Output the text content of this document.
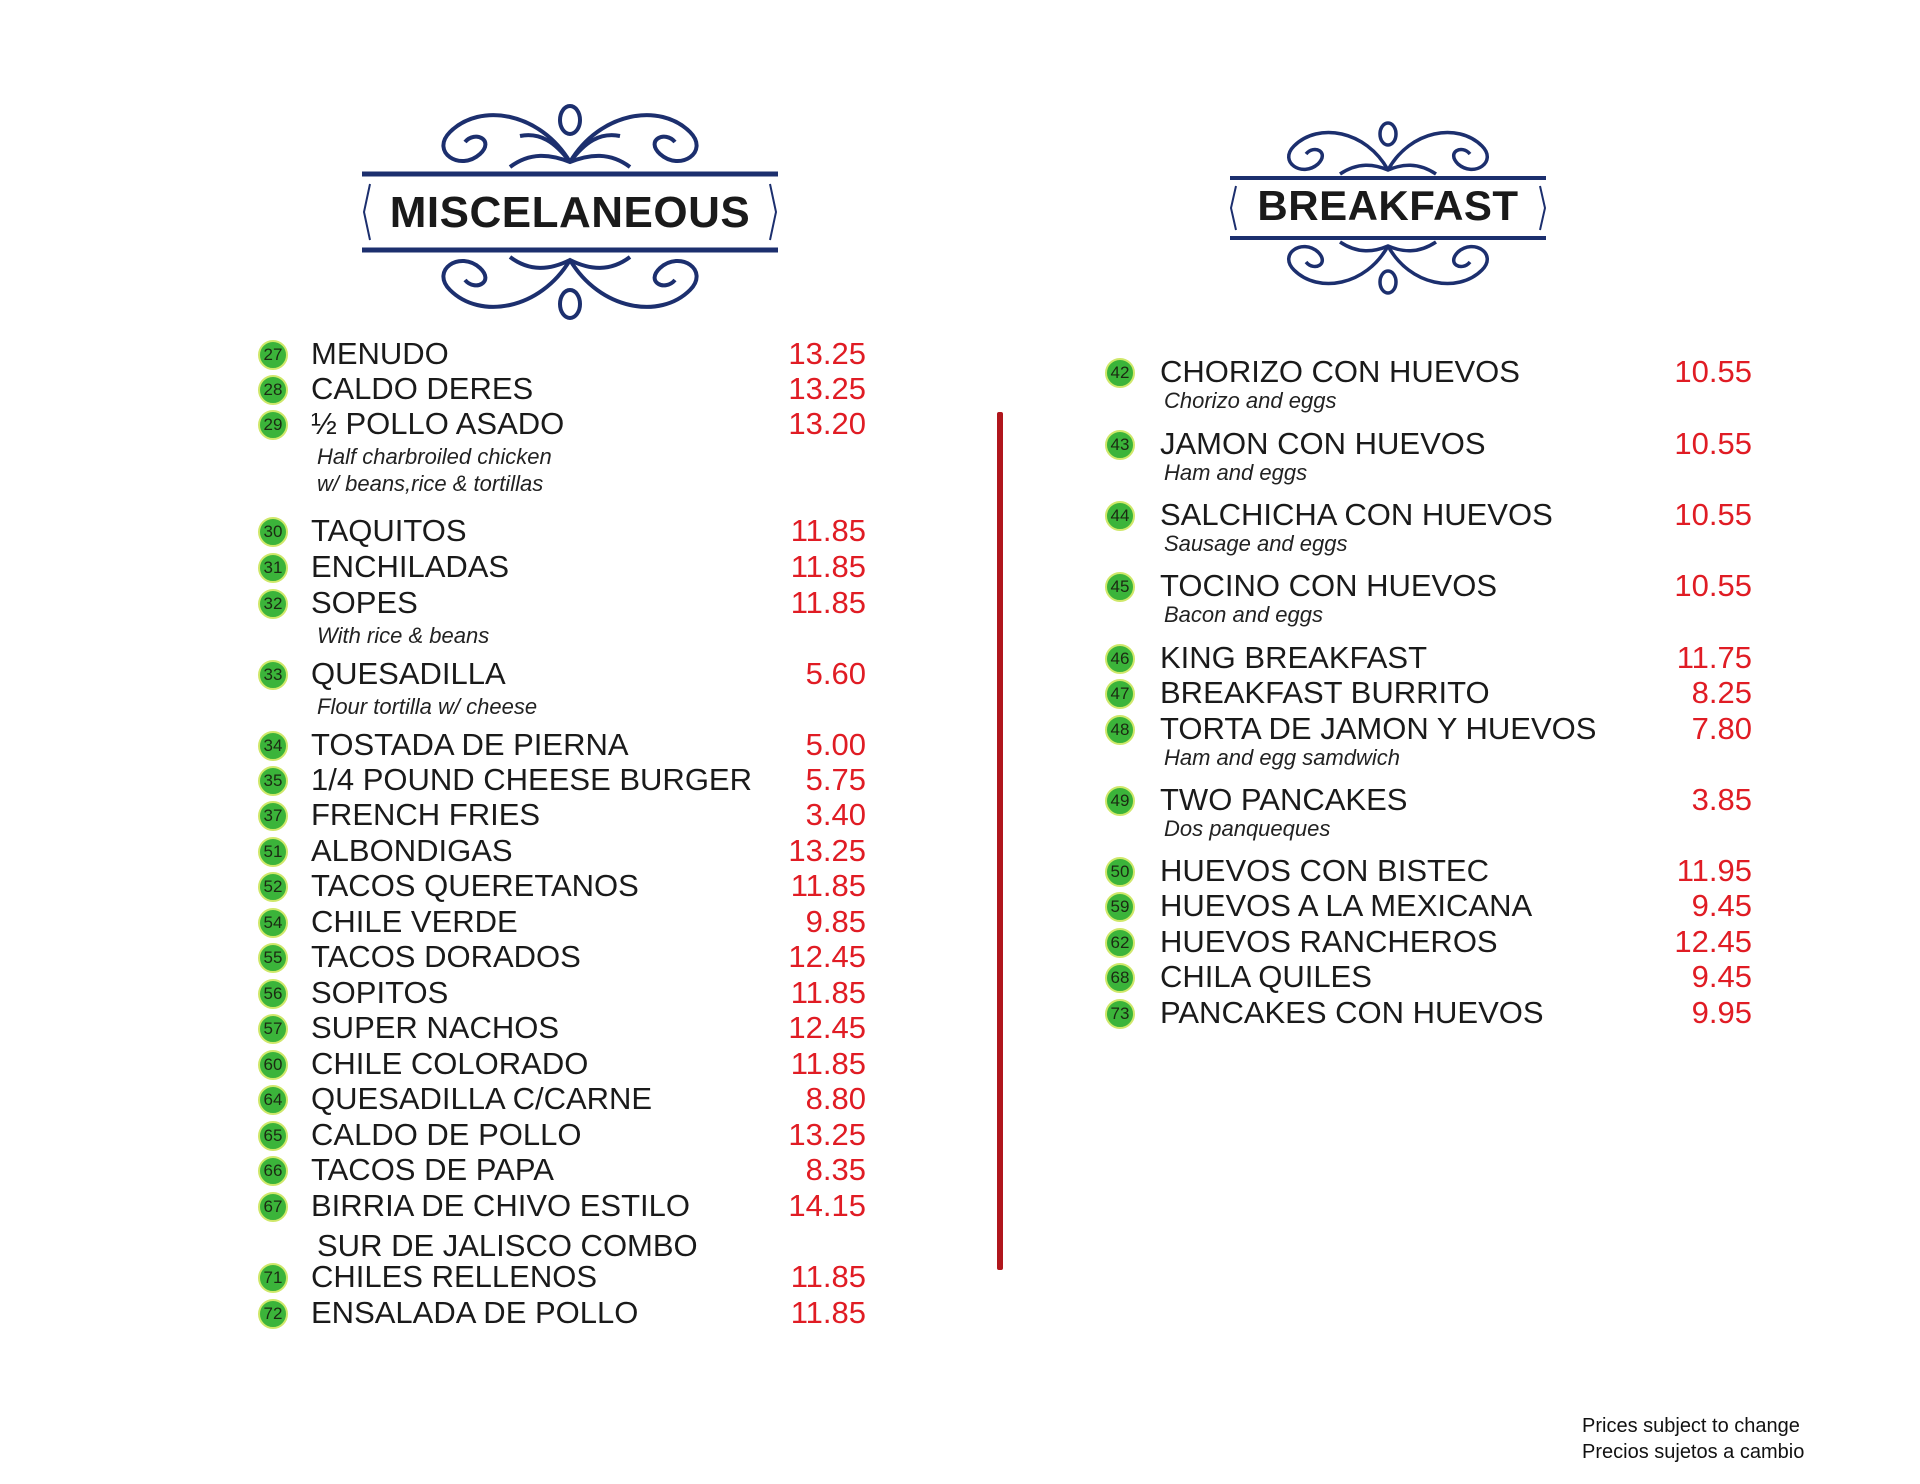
MISCELANEOUS	BREAKFAST
27 MENUDO	13.25
28 CALDO DERES	13.25
29 ½ POLLO ASADO	13.20
Half charbroiled chicken
w/ beans,rice & tortillas
30 TAQUITOS	11.85
31 ENCHILADAS	11.85
32 SOPES	11.85
With rice & beans
33 QUESADILLA	5.60
Flour tortilla w/ cheese
34 TOSTADA DE PIERNA	5.00
35 1/4 POUND CHEESE BURGER	5.75
37 FRENCH FRIES	3.40
51 ALBONDIGAS	13.25
52 TACOS QUERETANOS	11.85
54 CHILE VERDE	9.85
55 TACOS DORADOS	12.45
56 SOPITOS	11.85
57 SUPER NACHOS	12.45
60 CHILE COLORADO	11.85
64 QUESADILLA C/CARNE	8.80
65 CALDO DE POLLO	13.25
66 TACOS DE PAPA	8.35
67 BIRRIA DE CHIVO ESTILO	14.15
SUR DE JALISCO COMBO
71 CHILES RELLENOS	11.85
72 ENSALADA DE POLLO	11.85
42 CHORIZO CON HUEVOS	10.55
Chorizo and eggs
43 JAMON CON HUEVOS	10.55
Ham and eggs
44 SALCHICHA CON HUEVOS	10.55
Sausage and eggs
45 TOCINO CON HUEVOS	10.55
Bacon and eggs
46 KING BREAKFAST	11.75
47 BREAKFAST BURRITO	8.25
48 TORTA DE JAMON Y HUEVOS	7.80
Ham and egg samdwich
49 TWO PANCAKES	3.85
Dos panqueques
50 HUEVOS CON BISTEC	11.95
59 HUEVOS A LA MEXICANA	9.45
62 HUEVOS RANCHEROS	12.45
68 CHILA QUILES	9.45
73 PANCAKES CON HUEVOS	9.95
Prices subject to change
Precios sujetos a cambio
